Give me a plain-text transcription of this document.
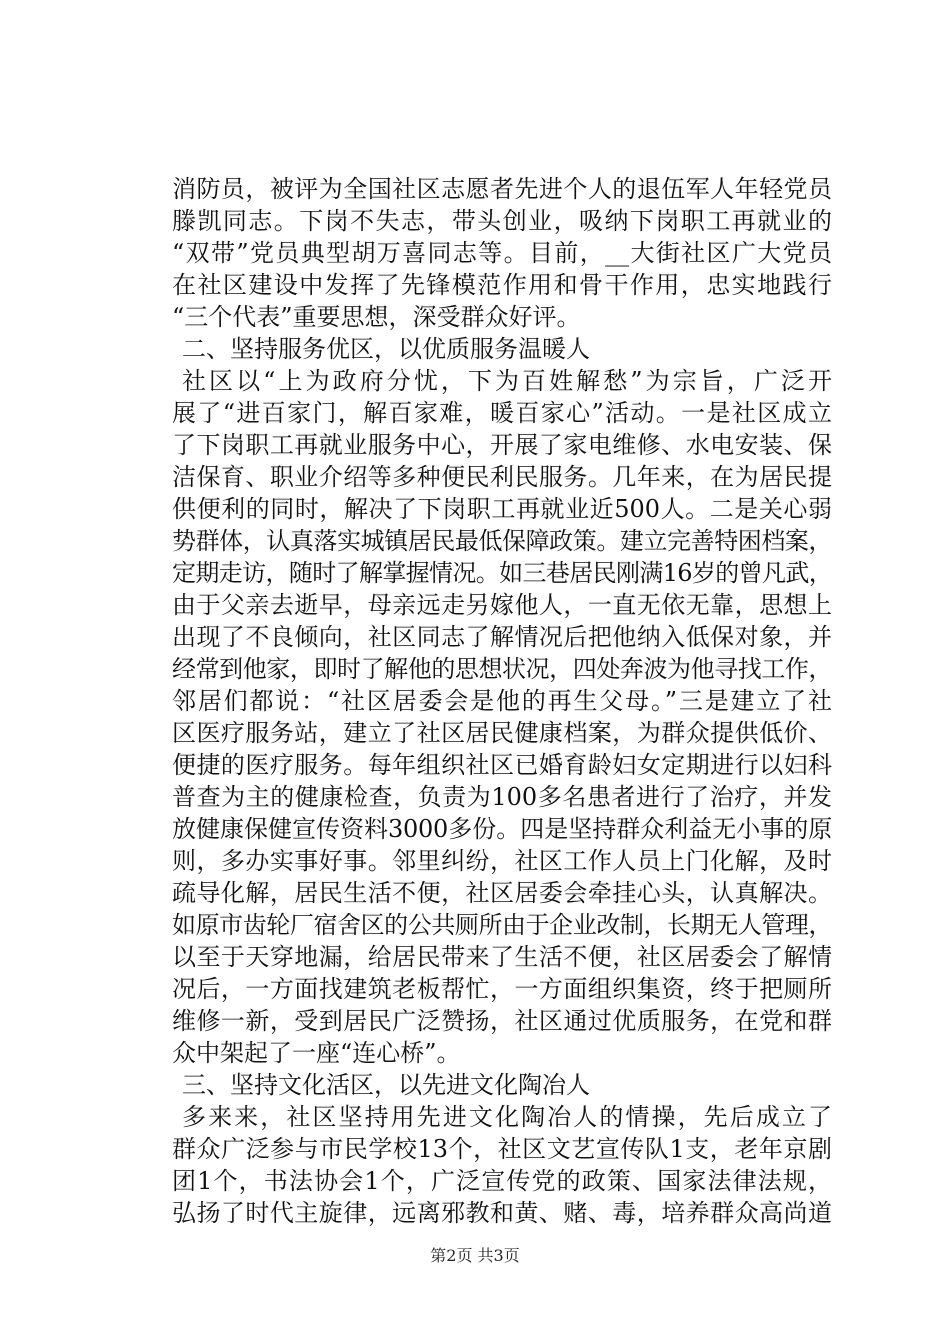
消防员，被评为全国社区志愿者先进个人的退伍军人年轻党员
滕凯同志。下岗不失志，带头创业，吸纳下岗职工再就业的
“双带”党员典型胡万喜同志等。目前，__大街社区广大党员
在社区建设中发挥了先锋模范作用和骨干作用，忠实地践行
“三个代表”重要思想，深受群众好评。
二、坚持服务优区，以优质服务温暖人
社区以“上为政府分忧，下为百姓解愁”为宗旨，广泛开
展了“进百家门，解百家难，暖百家心”活动。一是社区成立
了下岗职工再就业服务中心，开展了家电维修、水电安装、保
洁保育、职业介绍等多种便民利民服务。几年来，在为居民提
供便利的同时，解决了下岗职工再就业近500人。二是关心弱
势群体，认真落实城镇居民最低保障政策。建立完善特困档案，
定期走访，随时了解掌握情况。如三巷居民刚满16岁的曾凡武，
由于父亲去逝早，母亲远走另嫁他人，一直无依无靠，思想上
出现了不良倾向，社区同志了解情况后把他纳入低保对象，并
经常到他家，即时了解他的思想状况，四处奔波为他寻找工作，
邻居们都说：“社区居委会是他的再生父母。”三是建立了社
区医疗服务站，建立了社区居民健康档案，为群众提供低价、
便捷的医疗服务。每年组织社区已婚育龄妇女定期进行以妇科
普查为主的健康检查，负责为100多名患者进行了治疗，并发
放健康保健宣传资料3000多份。四是坚持群众利益无小事的原
则，多办实事好事。邻里纠纷，社区工作人员上门化解，及时
疏导化解，居民生活不便，社区居委会牵挂心头，认真解决。
如原市齿轮厂宿舍区的公共厕所由于企业改制，长期无人管理，
以至于天穿地漏，给居民带来了生活不便，社区居委会了解情
况后，一方面找建筑老板帮忙，一方面组织集资，终于把厕所
维修一新，受到居民广泛赞扬，社区通过优质服务，在党和群
众中架起了一座“连心桥”。
三、坚持文化活区，以先进文化陶冶人
多来来，社区坚持用先进文化陶冶人的情操，先后成立了
群众广泛参与市民学校13个，社区文艺宣传队1支，老年京剧
团1个，书法协会1个，广泛宣传党的政策、国家法律法规，
弘扬了时代主旋律，远离邪教和黄、赌、毒，培养群众高尚道
第2页 共3页
